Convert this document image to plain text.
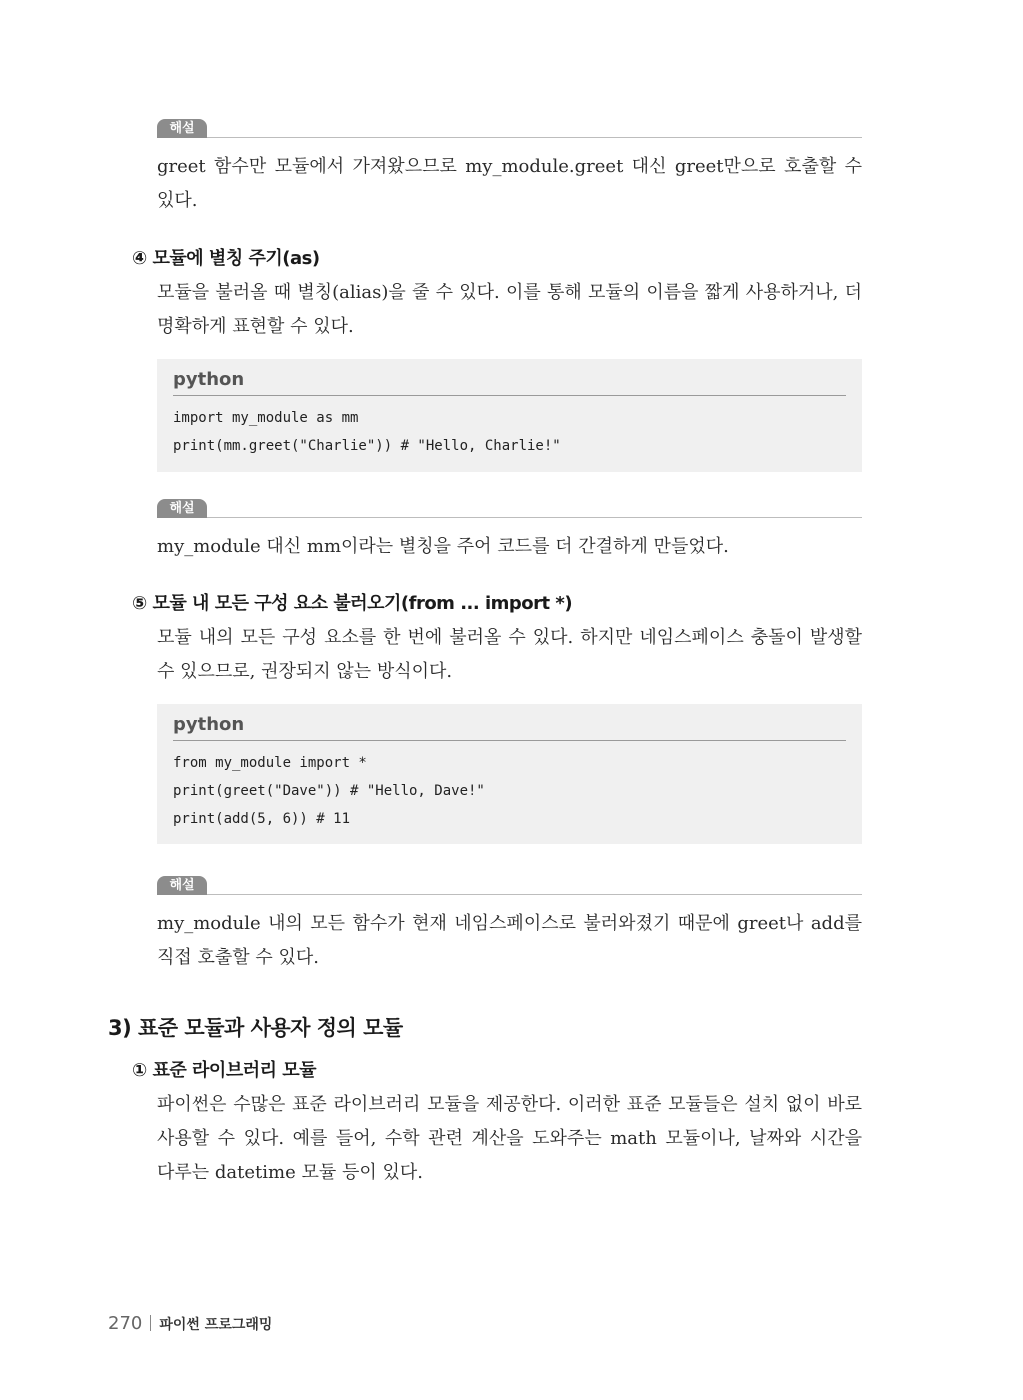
해설
greet 함수만 모듈에서 가져왔으므로 my_module.greet 대신 greet만으로 호출할 수 있다.
④ 모듈에 별칭 주기(as)
모듈을 불러올 때 별칭(alias)을 줄 수 있다. 이를 통해 모듈의 이름을 짧게 사용하거나, 더 명확하게 표현할 수 있다.
python
import my_module as mm
print(mm.greet("Charlie")) # "Hello, Charlie!"
해설
my_module 대신 mm이라는 별칭을 주어 코드를 더 간결하게 만들었다.
⑤ 모듈 내 모든 구성 요소 불러오기(from ... import *)
모듈 내의 모든 구성 요소를 한 번에 불러올 수 있다. 하지만 네임스페이스 충돌이 발생할 수 있으므로, 권장되지 않는 방식이다.
python
from my_module import *
print(greet("Dave")) # "Hello, Dave!"
print(add(5, 6)) # 11
해설
my_module 내의 모든 함수가 현재 네임스페이스로 불러와졌기 때문에 greet나 add를 직접 호출할 수 있다.
3) 표준 모듈과 사용자 정의 모듈
① 표준 라이브러리 모듈
파이썬은 수많은 표준 라이브러리 모듈을 제공한다. 이러한 표준 모듈들은 설치 없이 바로 사용할 수 있다. 예를 들어, 수학 관련 계산을 도와주는 math 모듈이나, 날짜와 시간을 다루는 datetime 모듈 등이 있다.
270 파이썬 프로그래밍
